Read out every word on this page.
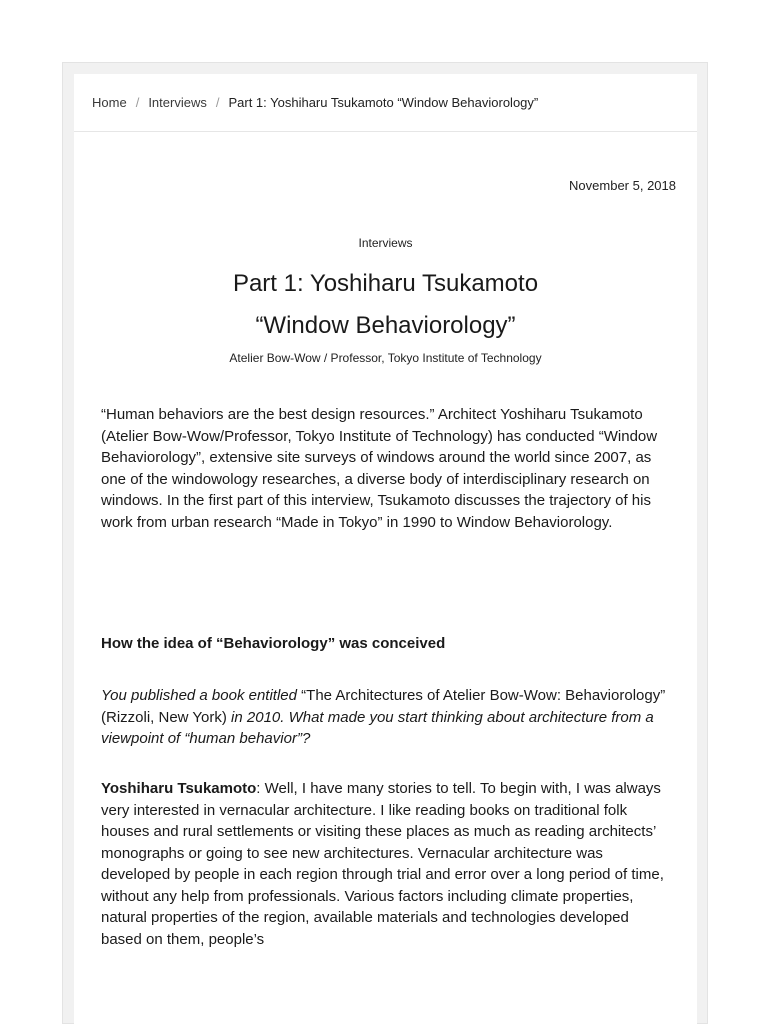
Home / Interviews / Part 1: Yoshiharu Tsukamoto “Window Behaviorology”
November 5, 2018
Interviews
Part 1: Yoshiharu Tsukamoto
“Window Behaviorology”
Atelier Bow-Wow / Professor, Tokyo Institute of Technology

“Human behaviors are the best design resources.” Architect Yoshiharu Tsukamoto (Atelier Bow-Wow/Professor, Tokyo Institute of Technology) has conducted “Window Behaviorology”, extensive site surveys of windows around the world since 2007, as one of the windowology researches, a diverse body of interdisciplinary research on windows. In the first part of this interview, Tsukamoto discusses the trajectory of his work from urban research “Made in Tokyo” in 1990 to Window Behaviorology.

How the idea of “Behaviorology” was conceived

You published a book entitled “The Architectures of Atelier Bow-Wow: Behaviorology” (Rizzoli, New York) in 2010. What made you start thinking about architecture from a viewpoint of “human behavior”?

Yoshiharu Tsukamoto: Well, I have many stories to tell. To begin with, I was always very interested in vernacular architecture. I like reading books on traditional folk houses and rural settlements or visiting these places as much as reading architects’ monographs or going to see new architectures. Vernacular architecture was developed by people in each region through trial and error over a long period of time, without any help from professionals. Various factors including climate properties, natural properties of the region, available materials and technologies developed based on them, people’s
